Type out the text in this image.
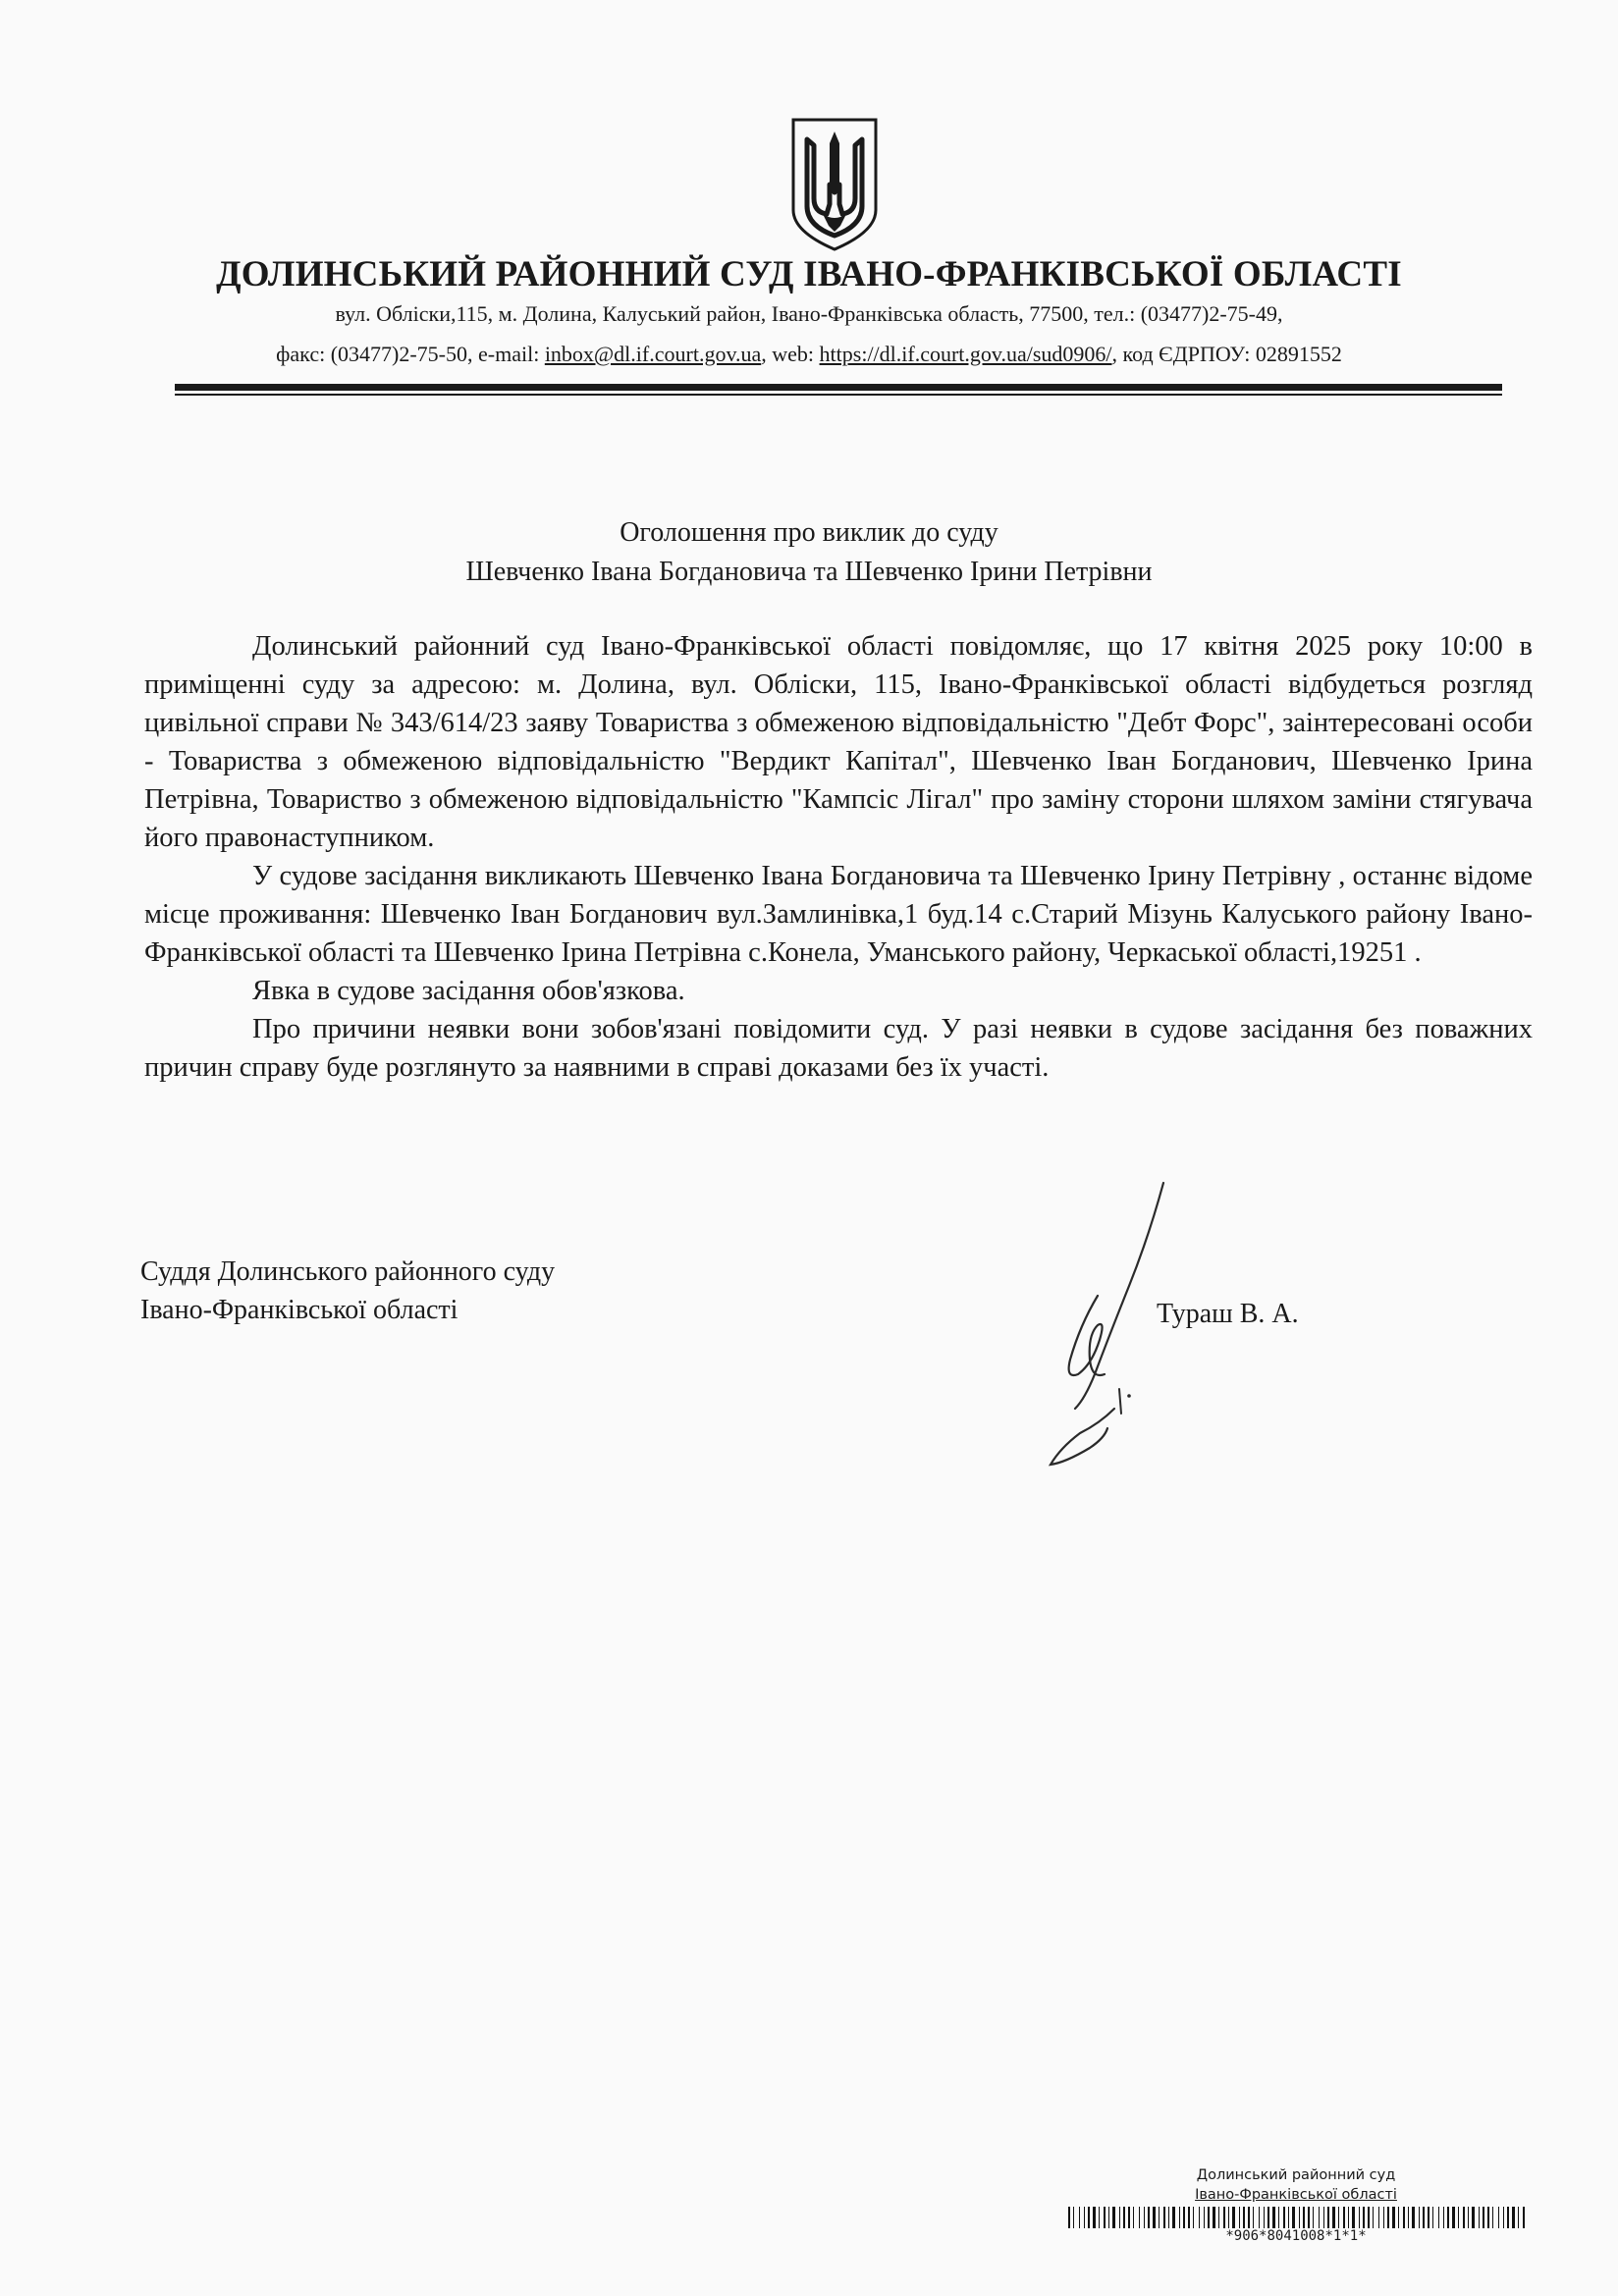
ДОЛИНСЬКИЙ РАЙОННИЙ СУД ІВАНО-ФРАНКІВСЬКОЇ ОБЛАСТІ
вул. Обліски,115, м. Долина, Калуський район, Івано-Франківська область, 77500, тел.: (03477)2-75-49,
факс: (03477)2-75-50, e-mail: inbox@dl.if.court.gov.ua, web: https://dl.if.court.gov.ua/sud0906/, код ЄДРПОУ: 02891552
Оголошення про виклик до суду
Шевченко Івана Богдановича та Шевченко Ірини Петрівни

Долинський районний суд Івано-Франківської області повідомляє, що 17 квітня 2025 року 10:00 в приміщенні суду за адресою: м. Долина, вул. Обліски, 115, Івано-Франківської області відбудеться розгляд цивільної справи № 343/614/23 заяву Товариства з обмеженою відповідальністю "Дебт Форс", заінтересовані особи - Товариства з обмеженою відповідальністю "Вердикт Капітал", Шевченко Іван Богданович, Шевченко Ірина Петрівна, Товариство з обмеженою відповідальністю "Кампсіс Лігал" про заміну сторони шляхом заміни стягувача його правонаступником.

У судове засідання викликають Шевченко Івана Богдановича та Шевченко Ірину Петрівну , останнє відоме місце проживання: Шевченко Іван Богданович вул.Замлинівка,1 буд.14 с.Старий Мізунь Калуського району Івано-Франківської області та Шевченко Ірина Петрівна с.Конела, Уманського району, Черкаської області,19251 .

Явка в судове засідання обов'язкова.

Про причини неявки вони зобов'язані повідомити суд. У разі неявки в судове засідання без поважних причин справу буде розглянуто за наявними в справі доказами без їх участі.

Суддя Долинського районного суду
Івано-Франківської області	Тураш В. А.
Долинський районний суд
Івано-Франківської області
*906*8041008*1*1*
